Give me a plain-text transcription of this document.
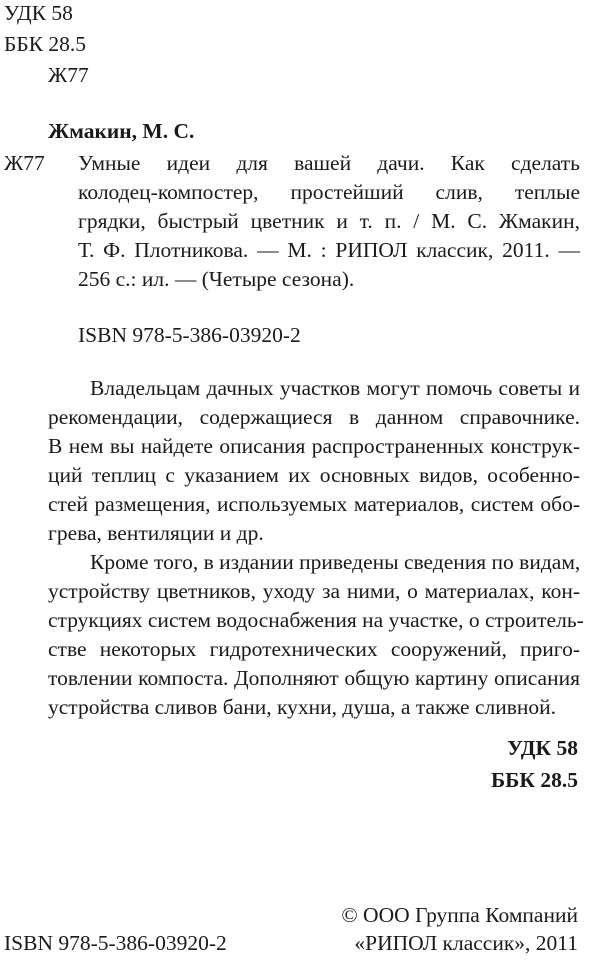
УДК 58
ББК 28.5
Ж77
Жмакин, М. С.
Ж77 Умные идеи для вашей дачи. Как сделать
колодец-компостер, простейший слив, теплые
грядки, быстрый цветник и т. п. / М. С. Жмакин,
Т. Ф. Плотникова. — М. : РИПОЛ классик, 2011. —
256 с.: ил. — (Четыре сезона).
ISBN 978-5-386-03920-2
Владельцам дачных участков могут помочь советы и
рекомендации, содержащиеся в данном справочнике.
В нем вы найдете описания распространенных конструк-
ций теплиц с указанием их основных видов, особенно-
стей размещения, используемых материалов, систем обо-
грева, вентиляции и др.
Кроме того, в издании приведены сведения по видам,
устройству цветников, уходу за ними, о материалах, кон-
струкциях систем водоснабжения на участке, о строитель-
стве некоторых гидротехнических сооружений, приго-
товлении компоста. Дополняют общую картину описания
устройства сливов бани, кухни, душа, а также сливной.
УДК 58
ББК 28.5
© ООО Группа Компаний
ISBN 978-5-386-03920-2	«РИПОЛ классик», 2011
